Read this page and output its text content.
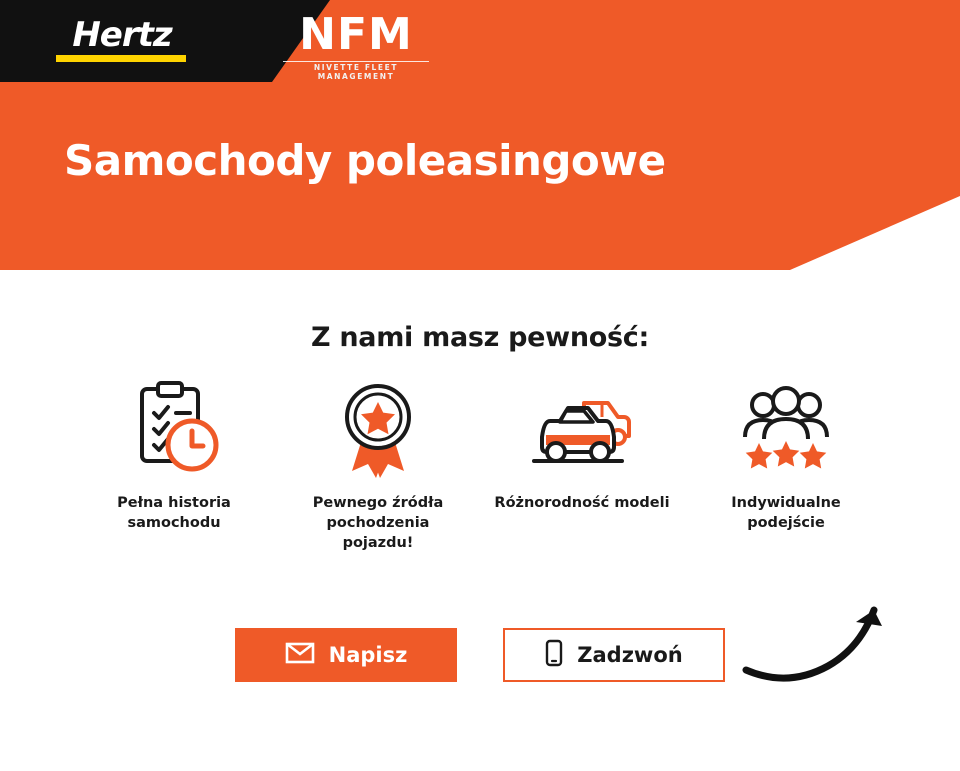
Hertz	NFM
NIVETTE FLEET MANAGEMENT
Samochody poleasingowe
Z nami masz pewność:
Pełna historia samochodu
Pewnego źródła pochodzenia pojazdu!
Różnorodność modeli	Indywidualne podejście
Napisz	Zadzwoń
